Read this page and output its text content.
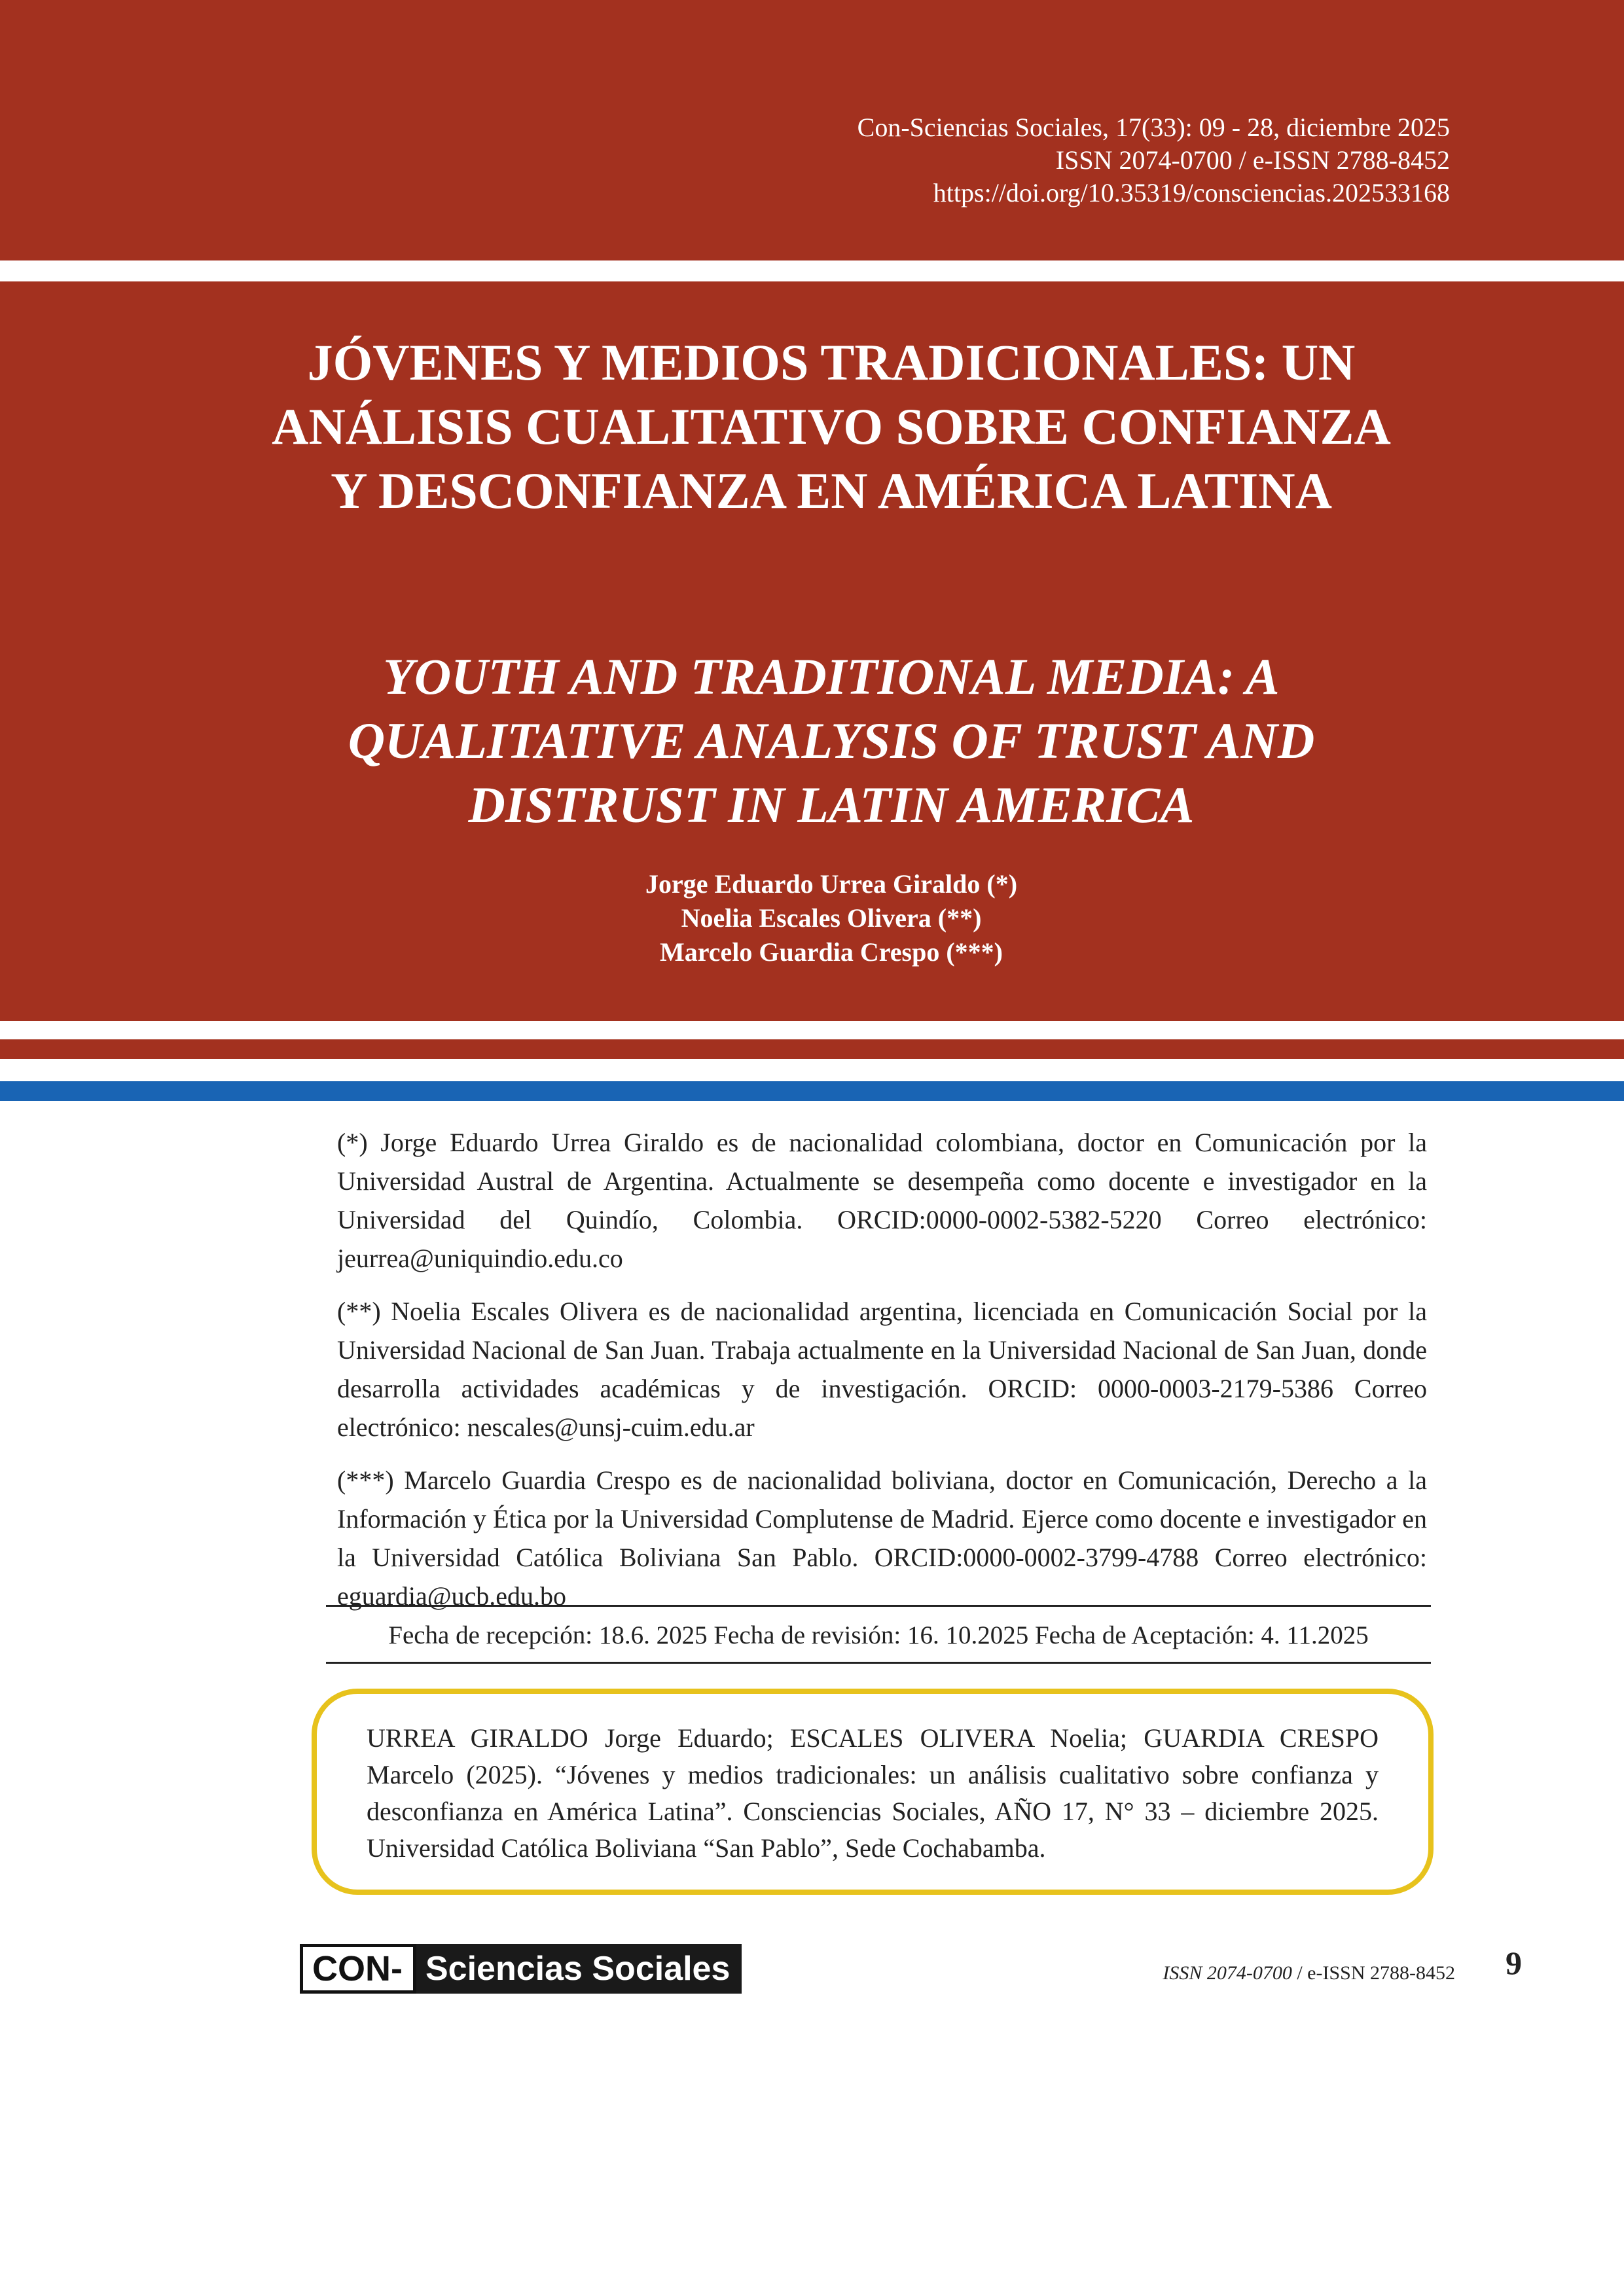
Con-Sciencias Sociales, 17(33): 09 - 28, diciembre 2025
ISSN 2074-0700 / e-ISSN 2788-8452
https://doi.org/10.35319/consciencias.202533168
JÓVENES Y MEDIOS TRADICIONALES: UN ANÁLISIS CUALITATIVO SOBRE CONFIANZA Y DESCONFIANZA EN AMÉRICA LATINA
YOUTH AND TRADITIONAL MEDIA: A QUALITATIVE ANALYSIS OF TRUST AND DISTRUST IN LATIN AMERICA
Jorge Eduardo Urrea Giraldo (*)
Noelia Escales Olivera (**)
Marcelo Guardia Crespo (***)

(*) Jorge Eduardo Urrea Giraldo es de nacionalidad colombiana, doctor en Comunicación por la Universidad Austral de Argentina. Actualmente se desempeña como docente e investigador en la Universidad del Quindío, Colombia. ORCID:0000-0002-5382-5220 Correo electrónico: jeurrea@uniquindio.edu.co

(**) Noelia Escales Olivera es de nacionalidad argentina, licenciada en Comunicación Social por la Universidad Nacional de San Juan. Trabaja actualmente en la Universidad Nacional de San Juan, donde desarrolla actividades académicas y de investigación. ORCID: 0000-0003-2179-5386 Correo electrónico: nescales@unsj-cuim.edu.ar

(***) Marcelo Guardia Crespo es de nacionalidad boliviana, doctor en Comunicación, Derecho a la Información y Ética por la Universidad Complutense de Madrid. Ejerce como docente e investigador en la Universidad Católica Boliviana San Pablo. ORCID:0000-0002-3799-4788 Correo electrónico: eguardia@ucb.edu.bo

Fecha de recepción: 18.6. 2025 Fecha de revisión: 16. 10.2025 Fecha de Aceptación: 4. 11.2025
URREA GIRALDO Jorge Eduardo; ESCALES OLIVERA Noelia; GUARDIA CRESPO Marcelo (2025). “Jóvenes y medios tradicionales: un análisis cualitativo sobre confianza y desconfianza en América Latina”. Consciencias Sociales, AÑO 17, N° 33 – diciembre 2025. Universidad Católica Boliviana “San Pablo”, Sede Cochabamba.
CON- Sciencias Sociales	ISSN 2074-0700 / e-ISSN 2788-8452 9
